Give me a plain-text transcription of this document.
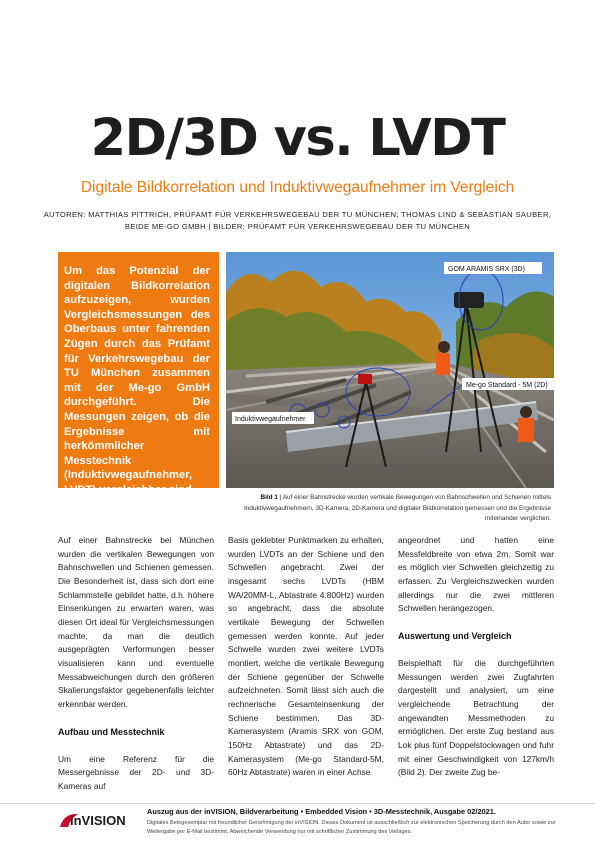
2D/3D vs. LVDT
Digitale Bildkorrelation und Induktivwegaufnehmer im Vergleich
AUTOREN: MATTHIAS PITTRICH, PRÜFAMT FÜR VERKEHRSWEGEBAU DER TU MÜNCHEN; THOMAS LIND & SEBASTIAN SAUBER,
BEIDE ME-GO GMBH | BILDER: PRÜFAMT FÜR VERKEHRSWEGEBAU DER TU MÜNCHEN

Um das Potenzial der digitalen Bildkorrelation aufzuzeigen, wurden Vergleichsmessungen des Oberbaus unter fahrenden Zügen durch das Prüfamt für Verkehrswegebau der TU München zusammen mit der Me-go GmbH durchgeführt. Die Messungen zeigen, ob die Ergebnisse mit herkömmlicher Messtechnik (Induktivwegaufnehmer, LVDT) vergleichbar sind.

GOM ARAMIS SRX (3D)
Me-go Standard - 5M (2D)
Induktivwegaufnehmer
Bild 1 | Auf einer Bahnstrecke wurden vertikale Bewegungen von Bahnschwellen und Schienen mittels Induktivwegaufnehmern, 3D-Kamera, 2D-Kamera und digitaler Bildkorrelation gemessen und die Ergebnisse miteinander verglichen.

Auf einer Bahnstrecke bei München wurden die vertikalen Bewegungen von Bahnschwellen und Schienen gemessen. Die Besonderheit ist, dass sich dort eine Schlammstelle gebildet hatte, d.h. höhere Einsenkungen zu erwarten waren, was diesen Ort ideal für Vergleichsmessungen machte, da man die deutlich ausgeprägten Verformungen besser visualisieren kann und eventuelle Messabweichungen durch den größeren Skalierungsfaktor gegebenenfalls leichter erkennbar werden.

Aufbau und Messtechnik

Um eine Referenz für die Messergebnisse der 2D- und 3D-Kameras auf

Basis geklebter Punktmarken zu erhalten, wurden LVDTs an der Schiene und den Schwellen angebracht. Zwei der insgesamt sechs LVDTs (HBM WA/20MM-L, Abtastrate 4.800Hz) wurden so angebracht, dass die absolute vertikale Bewegung der Schwellen gemessen werden konnte. Auf jeder Schwelle wurden zwei weitere LVDTs montiert, welche die vertikale Bewegung der Schiene gegenüber der Schwelle aufzeichneten. Somit lässt sich auch die rechnerische Gesamteinsenkung der Schiene bestimmen. Das 3D-Kamerasystem (Aramis SRX von GOM, 150Hz Abtastrate) und das 2D-Kamerasystem (Me-go Standard-5M, 60Hz Abtastrate) waren in einer Achse

angeordnet und hatten eine Messfeldbreite von etwa 2m. Somit war es möglich vier Schwellen gleichzeitig zu erfassen. Zu Vergleichszwecken wurden allerdings nur die zwei mittleren Schwellen herangezogen.

Auswertung und Vergleich

Beispielhaft für die durchgeführten Messungen werden zwei Zugfahrten dargestellt und analysiert, um eine vergleichende Betrachtung der angewandten Messmethoden zu ermöglichen. Der erste Zug bestand aus Lok plus fünf Doppelstockwagen und fuhr mit einer Geschwindigkeit von 127km/h (Bild 2). Der zweite Zug be-

inVISION
Auszug aus der inVISION, Bildverarbeitung • Embedded Vision • 3D-Messtechnik, Ausgabe 02/2021.
Digitales Belegexemplar mit freundlicher Genehmigung der inVISION. Dieses Dokument ist ausschließlich zur elektronischen Speicherung durch den Autor sowie zur Weitergabe per E-Mail bestimmt. Abweichende Verwendung nur mit schriftlicher Zustimmung des Verlages.
